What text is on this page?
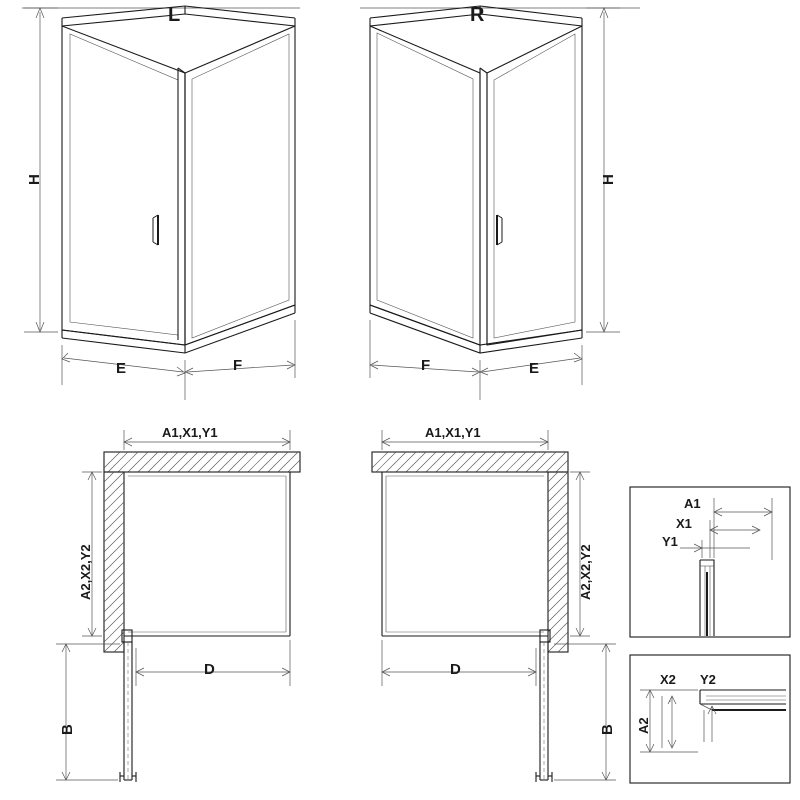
L	R
H	H
E	F	F	E
A1,X1,Y1	A1,X1,Y1
A2,X2,Y2	A2,X2,Y2
D	D
B	B
A1
X1
Y1
A2
X2 Y2
